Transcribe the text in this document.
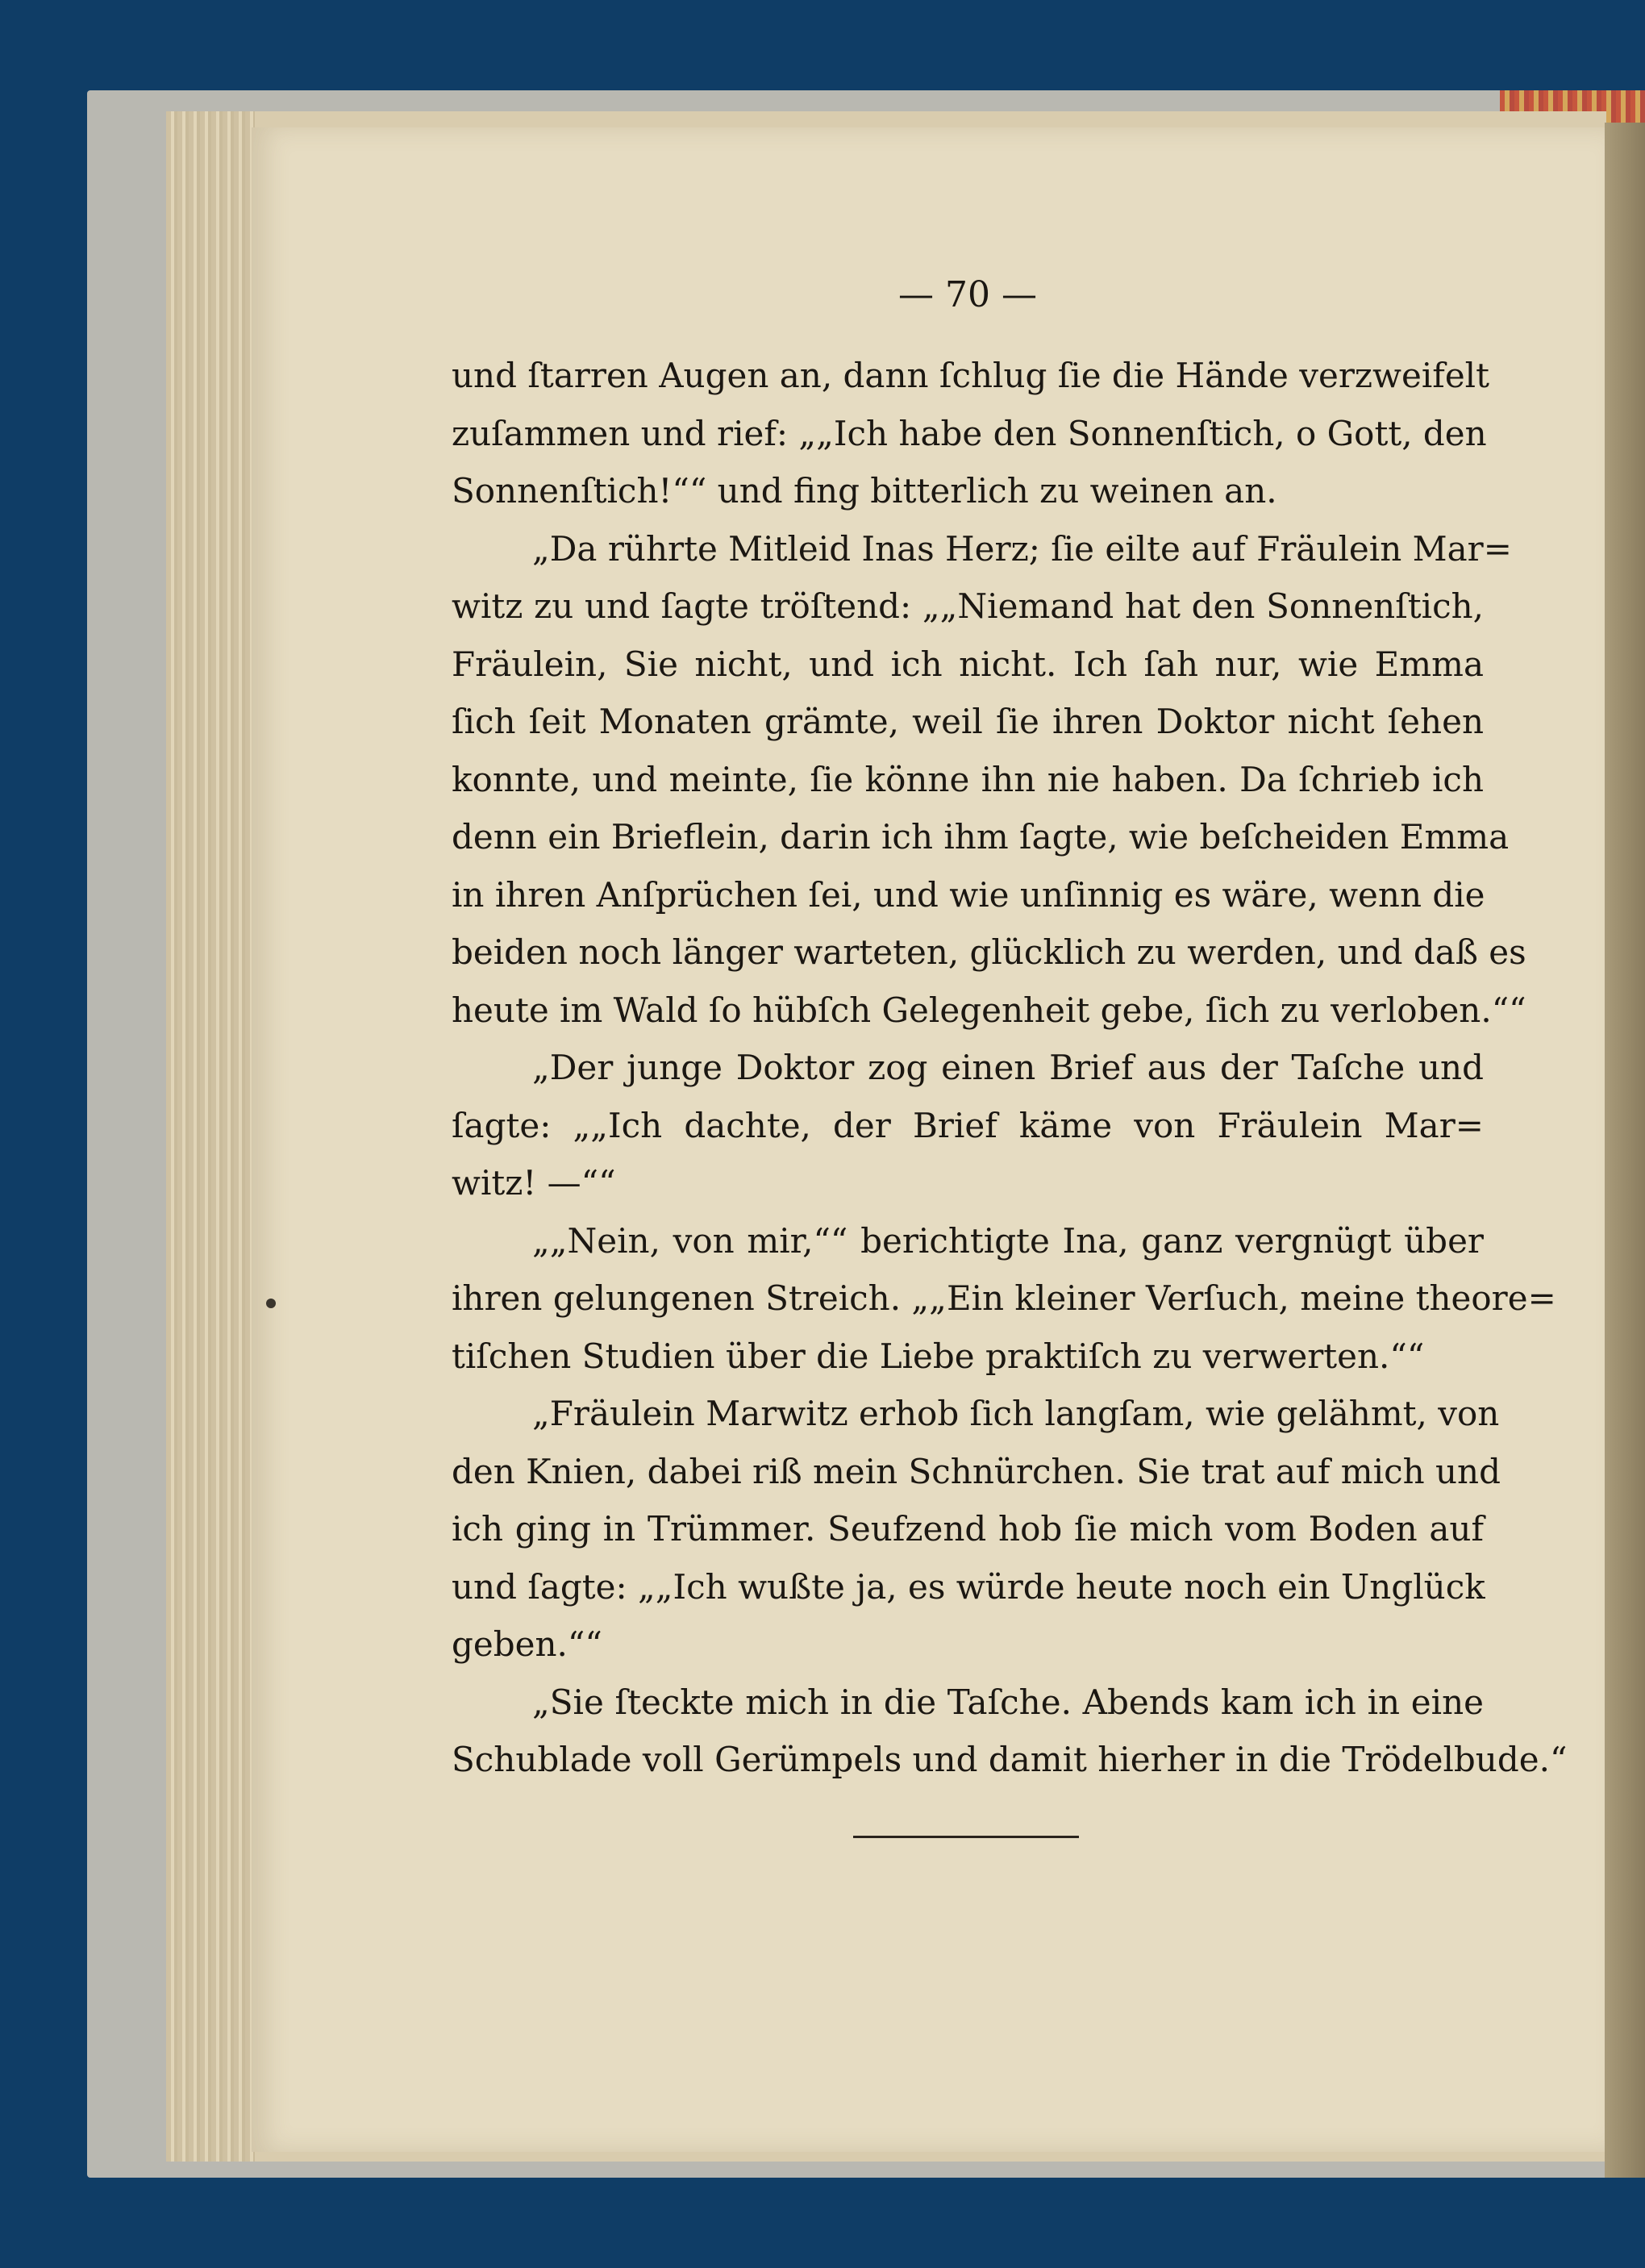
— 70 —
und ſtarren Augen an, dann ſchlug ſie die Hände verzweifelt
zuſammen und rief: „„Ich habe den Sonnenſtich, o Gott, den
Sonnenſtich!““ und fing bitterlich zu weinen an.
„Da rührte Mitleid Inas Herz; ſie eilte auf Fräulein Mar=
witz zu und ſagte tröſtend: „„Niemand hat den Sonnenſtich,
Fräulein, Sie nicht, und ich nicht. Ich ſah nur, wie Emma
ſich ſeit Monaten grämte, weil ſie ihren Doktor nicht ſehen
konnte, und meinte, ſie könne ihn nie haben. Da ſchrieb ich
denn ein Brieflein, darin ich ihm ſagte, wie beſcheiden Emma
in ihren Anſprüchen ſei, und wie unſinnig es wäre, wenn die
beiden noch länger warteten, glücklich zu werden, und daß es
heute im Wald ſo hübſch Gelegenheit gebe, ſich zu verloben.““
„Der junge Doktor zog einen Brief aus der Taſche und
ſagte: „„Ich dachte, der Brief käme von Fräulein Mar=
witz! —““
„„Nein, von mir,““ berichtigte Ina, ganz vergnügt über
ihren gelungenen Streich. „„Ein kleiner Verſuch, meine theore=
tiſchen Studien über die Liebe praktiſch zu verwerten.““
„Fräulein Marwitz erhob ſich langſam, wie gelähmt, von
den Knien, dabei riß mein Schnürchen. Sie trat auf mich und
ich ging in Trümmer. Seufzend hob ſie mich vom Boden auf
und ſagte: „„Ich wußte ja, es würde heute noch ein Unglück
geben.““
„Sie ſteckte mich in die Taſche. Abends kam ich in eine
Schublade voll Gerümpels und damit hierher in die Trödelbude.“
